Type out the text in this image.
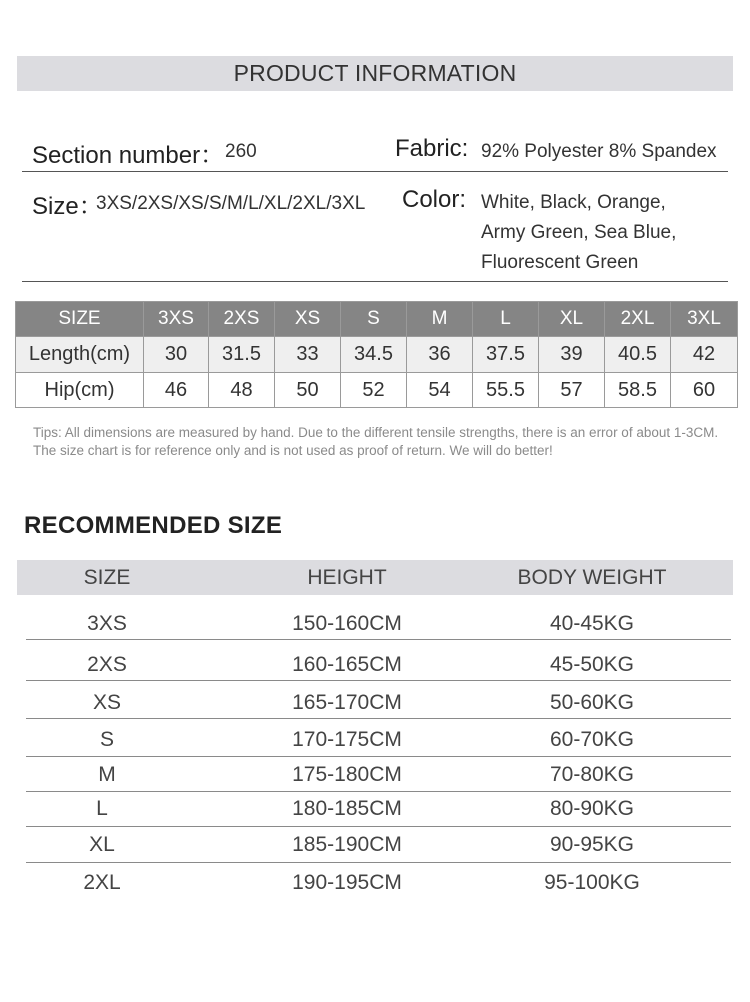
PRODUCT INFORMATION
Section number： 260	Fabric: 92% Polyester 8% Spandex
Size：
3XS/2XS/XS/S/M/L/XL/2XL/3XL Color: White, Black, Orange,
Army Green, Sea Blue,
Fluorescent Green
SIZE	3XS	2XS	XS	S	M	L	XL	2XL	3XL
Length(cm)	30	31.5	33	34.5	36	37.5	39	40.5	42
Hip(cm)	46	48	50	52	54	55.5	57	58.5	60
Tips: All dimensions are measured by hand. Due to the different tensile strengths, there is an error of about 1-3CM. The size chart is for reference only and is not used as proof of return. We will do better!
RECOMMENDED SIZE
SIZE	HEIGHT	BODY WEIGHT
3XS	150-160CM	40-45KG
2XS	160-165CM	45-50KG
XS	165-170CM	50-60KG
S	170-175CM	60-70KG
M	175-180CM	70-80KG
L	180-185CM	80-90KG
XL	185-190CM	90-95KG
2XL	190-195CM	95-100KG
